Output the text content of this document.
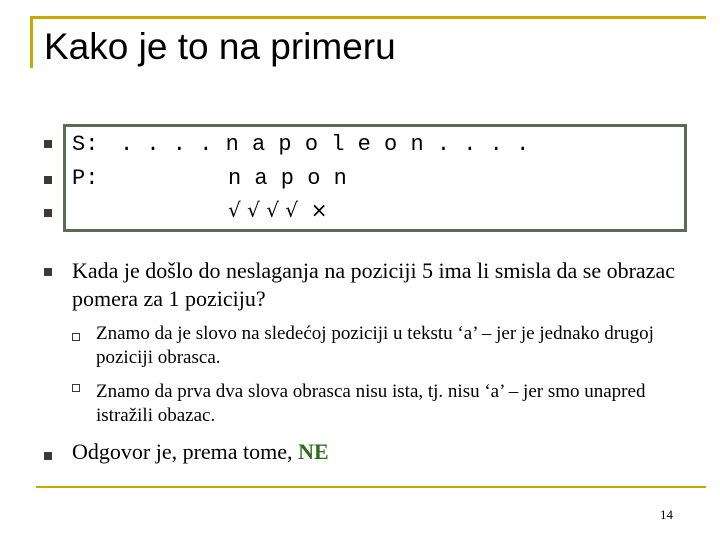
Kako je to na primeru
S: . . . . n a p o l e o n . . . .
P:	n a p o n
√ √ √ √  ×
Kada je došlo do neslaganja na poziciji 5 ima li smisla da se obrazac pomera za 1 poziciju?
Znamo da je slovo na sledećoj poziciji u tekstu ‘a’ – jer je jednako drugoj poziciji obrasca.
Znamo da prva dva slova obrasca nisu ista, tj. nisu ‘a’ – jer smo unapred istražili obazac.
Odgovor je, prema tome, NE
14
